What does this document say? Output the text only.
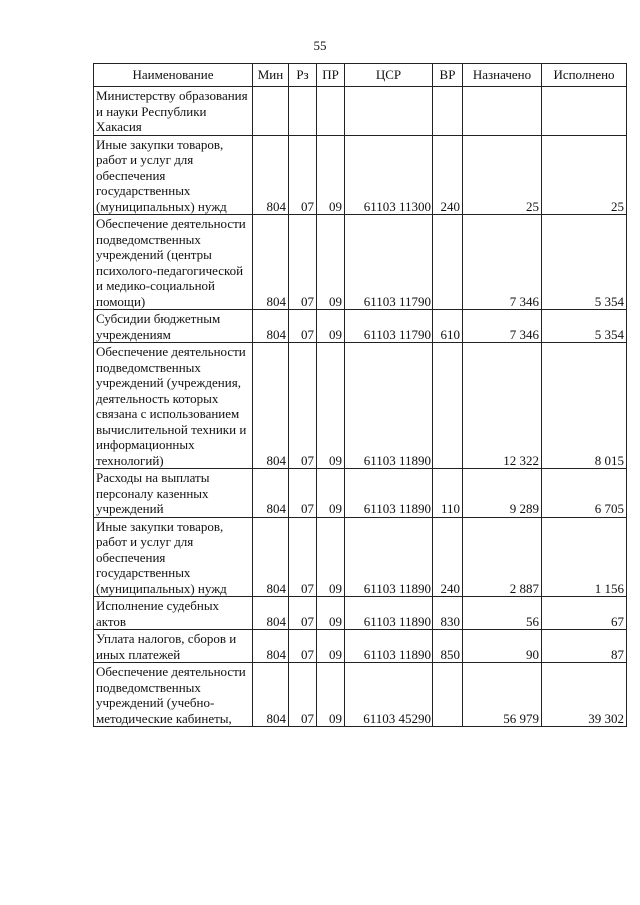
55
Наименование	Мин	Рз	ПР	ЦСР	ВР	Назначено	Исполнено
Министерству образования и науки Республики Хакасия							
Иные закупки товаров, работ и услуг для обеспечения государственных (муниципальных) нужд	804	07	09	61103 11300	240	25	25
Обеспечение деятельности подведомственных учреждений (центры психолого-педагогической и медико-социальной помощи)	804	07	09	61103 11790		7 346	5 354
Субсидии бюджетным учреждениям	804	07	09	61103 11790	610	7 346	5 354
Обеспечение деятельности подведомственных учреждений (учреждения, деятельность которых связана с использованием вычислительной техники и информационных технологий)	804	07	09	61103 11890		12 322	8 015
Расходы на выплаты персоналу казенных учреждений	804	07	09	61103 11890	110	9 289	6 705
Иные закупки товаров, работ и услуг для обеспечения государственных (муниципальных) нужд	804	07	09	61103 11890	240	2 887	1 156
Исполнение судебных актов	804	07	09	61103 11890	830	56	67
Уплата налогов, сборов и иных платежей	804	07	09	61103 11890	850	90	87
Обеспечение деятельности подведомственных учреждений (учебно-методические кабинеты,	804	07	09	61103 45290		56 979	39 302
